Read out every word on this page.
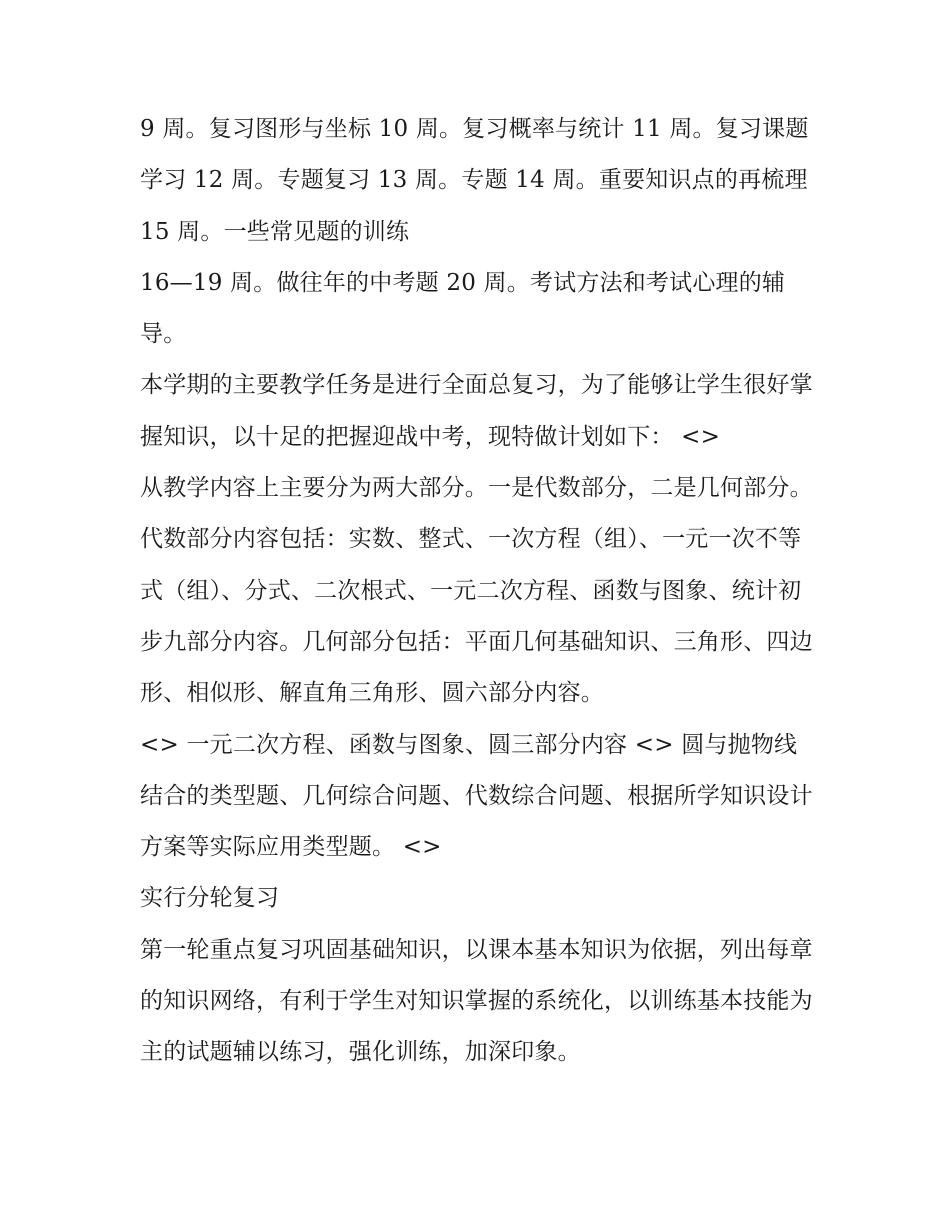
9 周。复习图形与坐标 10 周。复习概率与统计 11 周。复习课题学习 12 周。专题复习 13 周。专题 14 周。重要知识点的再梳理 15 周。一些常见题的训练

16—19 周。做往年的中考题 20 周。考试方法和考试心理的辅导。

本学期的主要教学任务是进行全面总复习，为了能够让学生很好掌握知识，以十足的把握迎战中考，现特做计划如下： <>

从教学内容上主要分为两大部分。一是代数部分，二是几何部分。代数部分内容包括：实数、整式、一次方程（组）、一元一次不等式（组）、分式、二次根式、一元二次方程、函数与图象、统计初步九部分内容。几何部分包括：平面几何基础知识、三角形、四边形、相似形、解直角三角形、圆六部分内容。

<> 一元二次方程、函数与图象、圆三部分内容 <> 圆与抛物线结合的类型题、几何综合问题、代数综合问题、根据所学知识设计方案等实际应用类型题。 <>

实行分轮复习

第一轮重点复习巩固基础知识，以课本基本知识为依据，列出每章的知识网络，有利于学生对知识掌握的系统化，以训练基本技能为主的试题辅以练习，强化训练，加深印象。
